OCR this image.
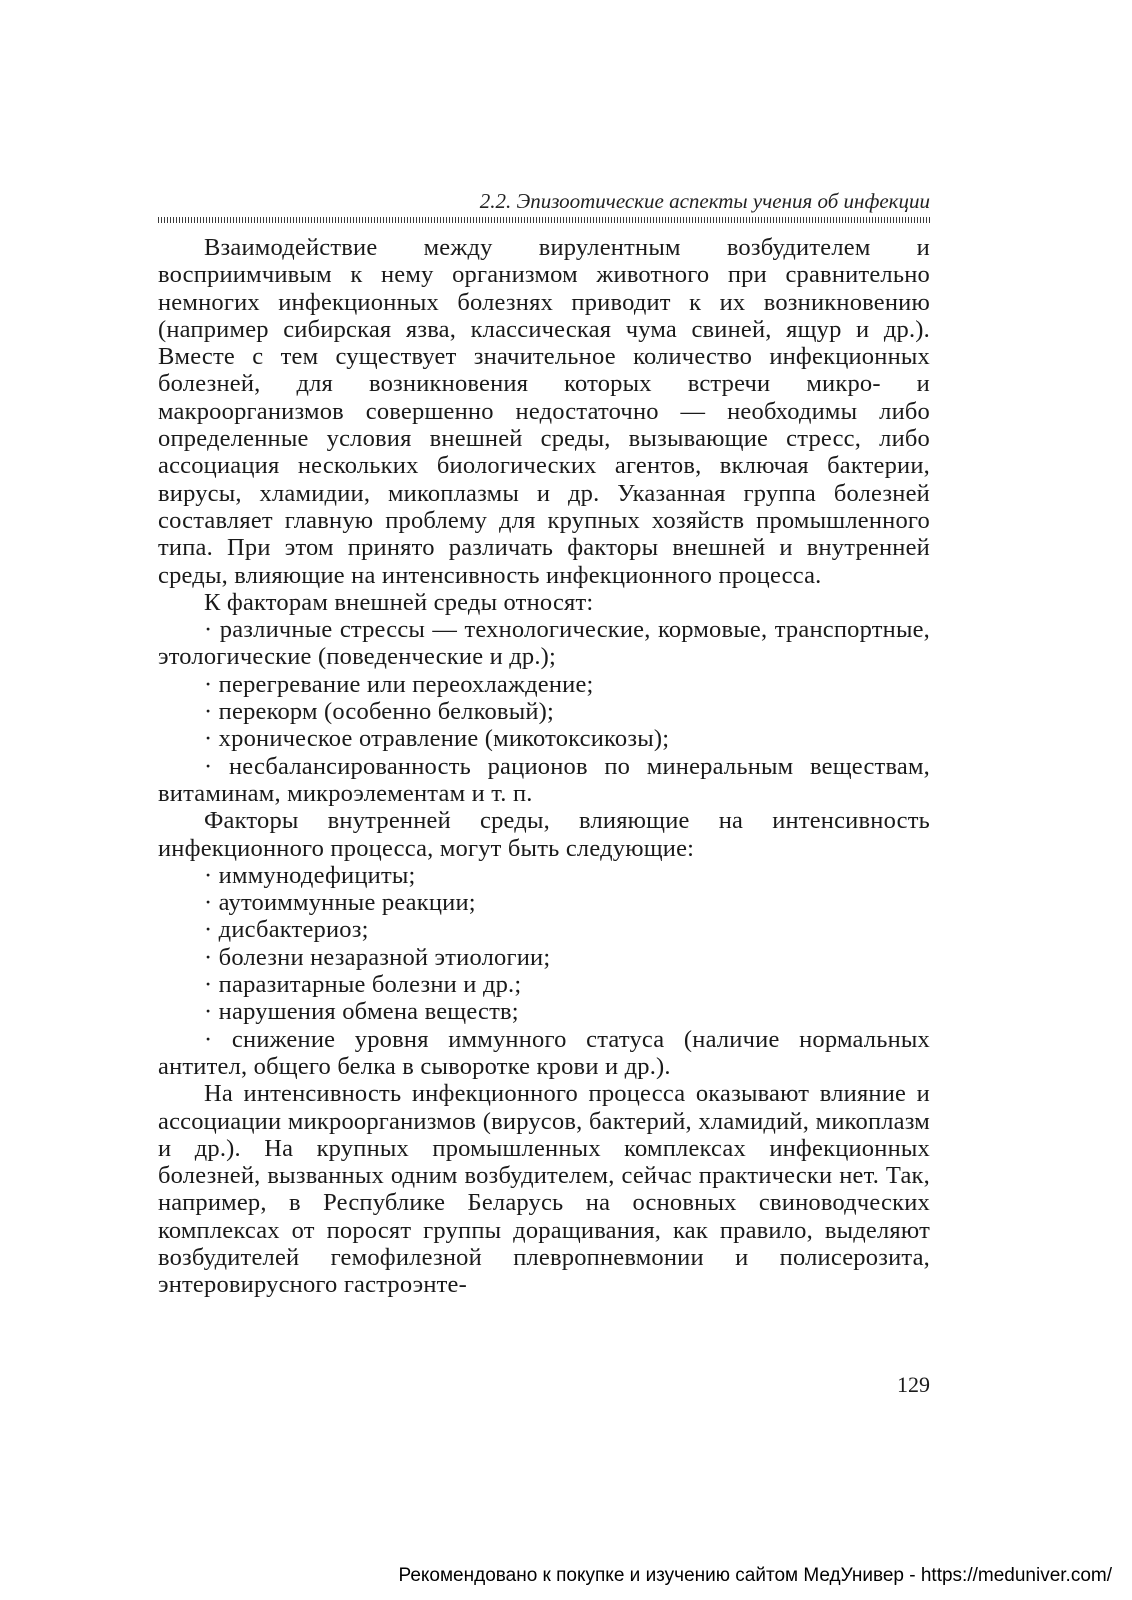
2.2. Эпизоотические аспекты учения об инфекции

Взаимодействие между вирулентным возбудителем и восприимчивым к нему организмом животного при сравнительно немногих инфекционных болезнях приводит к их возникновению (например сибирская язва, классическая чума свиней, ящур и др.). Вместе с тем существует значительное количество инфекционных болезней, для возникновения которых встречи микро- и макроорганизмов совершенно недостаточно — необходимы либо определенные условия внешней среды, вызывающие стресс, либо ассоциация нескольких биологических агентов, включая бактерии, вирусы, хламидии, микоплазмы и др. Указанная группа болезней составляет главную проблему для крупных хозяйств промышленного типа. При этом принято различать факторы внешней и внутренней среды, влияющие на интенсивность инфекционного процесса.

К факторам внешней среды относят:

· различные стрессы — технологические, кормовые, транспортные, этологические (поведенческие и др.);

· перегревание или переохлаждение;

· перекорм (особенно белковый);

· хроническое отравление (микотоксикозы);

· несбалансированность рационов по минеральным веществам, витаминам, микроэлементам и т. п.

Факторы внутренней среды, влияющие на интенсивность инфекционного процесса, могут быть следующие:

· иммунодефициты;

· аутоиммунные реакции;

· дисбактериоз;

· болезни незаразной этиологии;

· паразитарные болезни и др.;

· нарушения обмена веществ;

· снижение уровня иммунного статуса (наличие нормальных антител, общего белка в сыворотке крови и др.).

На интенсивность инфекционного процесса оказывают влияние и ассоциации микроорганизмов (вирусов, бактерий, хламидий, микоплазм и др.). На крупных промышленных комплексах инфекционных болезней, вызванных одним возбудителем, сейчас практически нет. Так, например, в Республике Беларусь на основных свиноводческих комплексах от поросят группы доращивания, как правило, выделяют возбудителей гемофилезной плевропневмонии и полисерозита, энтеровирусного гастроэнте-

129
Рекомендовано к покупке и изучению сайтом МедУнивер - https://meduniver.com/
